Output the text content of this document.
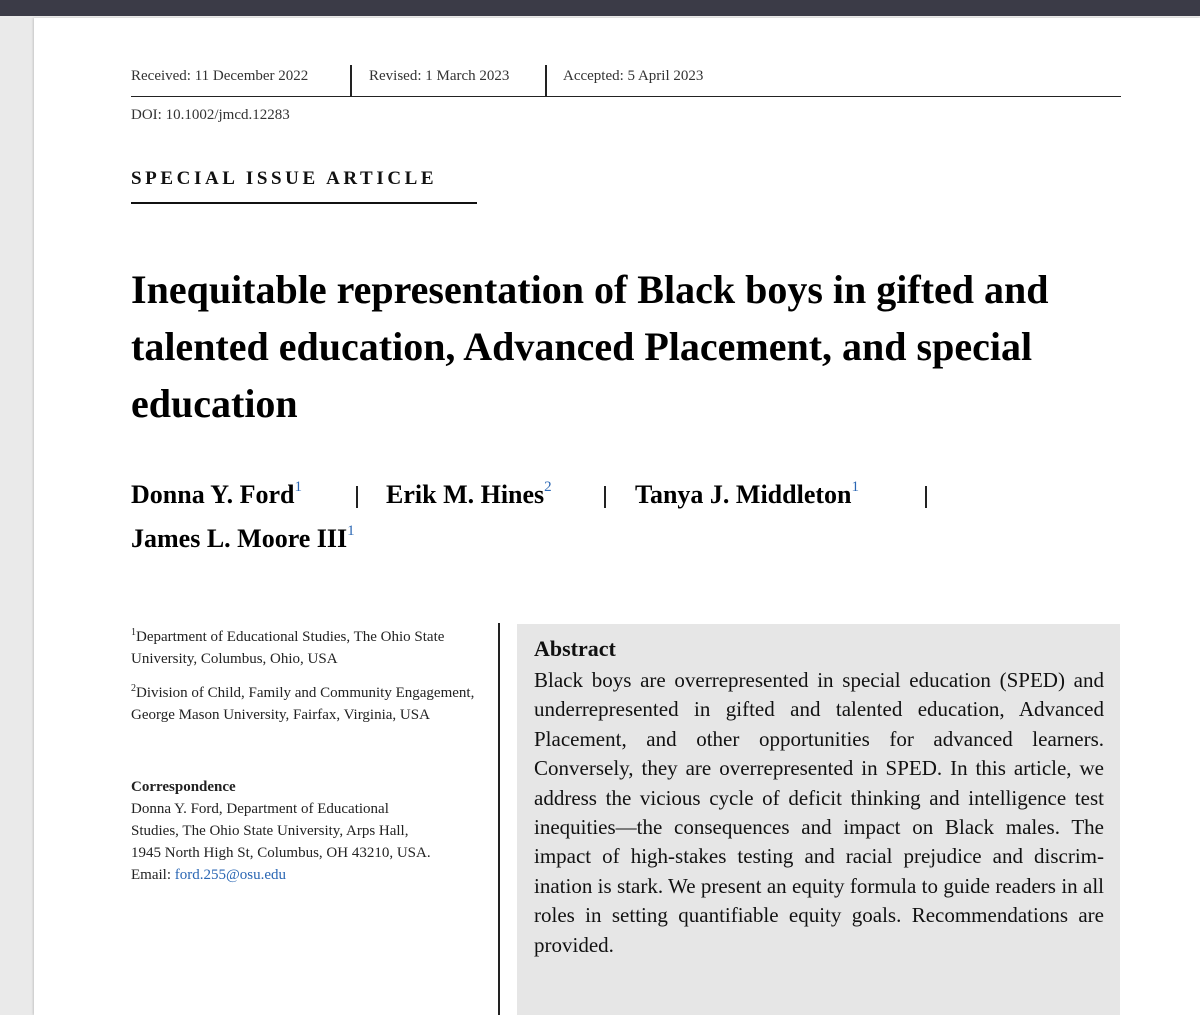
Received: 11 December 2022	Revised: 1 March 2023	Accepted: 5 April 2023
DOI: 10.1002/jmcd.12283
SPECIAL ISSUE ARTICLE
Inequitable representation of Black boys in gifted and talented education, Advanced Placement, and special education
Donna Y. Ford$^1$	Erik M. Hines$^2$	Tanya J. Middleton$^1$
James L. Moore III$^1$
$^1$Department of Educational Studies, The Ohio State University, Columbus, Ohio, USA
$^2$Division of Child, Family and Community Engagement, George Mason University, Fairfax, Virginia, USA
Correspondence
Donna Y. Ford, Department of Educational
Studies, The Ohio State University, Arps Hall,
1945 North High St, Columbus, OH 43210, USA.
Email: ford.255@osu.edu
Abstract
Black boys are overrepresented in special education (SPED) and underrepresented in gifted and talented education, Advanced Placement, and other opportunities for advanced learners. Conversely, they are overrepresented in SPED. In this article, we address the vicious cycle of deficit thinking and intelligence test inequities—the consequences and impact on Black males. The impact of high-stakes testing and racial prejudice and discrimination is stark. We present an equity formula to guide readers in all roles in setting quantifiable equity goals. Recommendations are provided.
